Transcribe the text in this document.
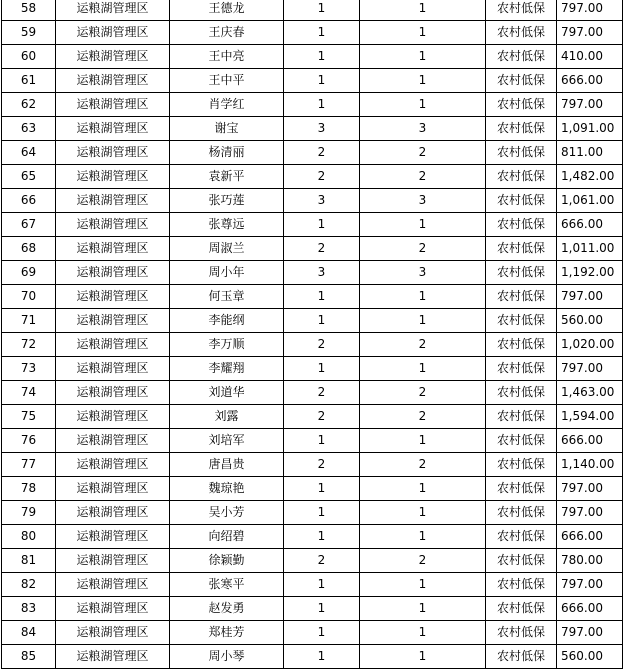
58	运粮湖管理区	王德龙	1	1	农村低保	797.00
59	运粮湖管理区	王庆春	1	1	农村低保	797.00
60	运粮湖管理区	王中亮	1	1	农村低保	410.00
61	运粮湖管理区	王中平	1	1	农村低保	666.00
62	运粮湖管理区	肖学红	1	1	农村低保	797.00
63	运粮湖管理区	谢宝	3	3	农村低保	1,091.00
64	运粮湖管理区	杨清丽	2	2	农村低保	811.00
65	运粮湖管理区	袁新平	2	2	农村低保	1,482.00
66	运粮湖管理区	张巧莲	3	3	农村低保	1,061.00
67	运粮湖管理区	张尊远	1	1	农村低保	666.00
68	运粮湖管理区	周淑兰	2	2	农村低保	1,011.00
69	运粮湖管理区	周小年	3	3	农村低保	1,192.00
70	运粮湖管理区	何玉章	1	1	农村低保	797.00
71	运粮湖管理区	李能纲	1	1	农村低保	560.00
72	运粮湖管理区	李万顺	2	2	农村低保	1,020.00
73	运粮湖管理区	李耀翔	1	1	农村低保	797.00
74	运粮湖管理区	刘道华	2	2	农村低保	1,463.00
75	运粮湖管理区	刘露	2	2	农村低保	1,594.00
76	运粮湖管理区	刘培军	1	1	农村低保	666.00
77	运粮湖管理区	唐昌贵	2	2	农村低保	1,140.00
78	运粮湖管理区	魏琼艳	1	1	农村低保	797.00
79	运粮湖管理区	吴小芳	1	1	农村低保	797.00
80	运粮湖管理区	向绍碧	1	1	农村低保	666.00
81	运粮湖管理区	徐颖勤	2	2	农村低保	780.00
82	运粮湖管理区	张寒平	1	1	农村低保	797.00
83	运粮湖管理区	赵发勇	1	1	农村低保	666.00
84	运粮湖管理区	郑桂芳	1	1	农村低保	797.00
85	运粮湖管理区	周小琴	1	1	农村低保	560.00
